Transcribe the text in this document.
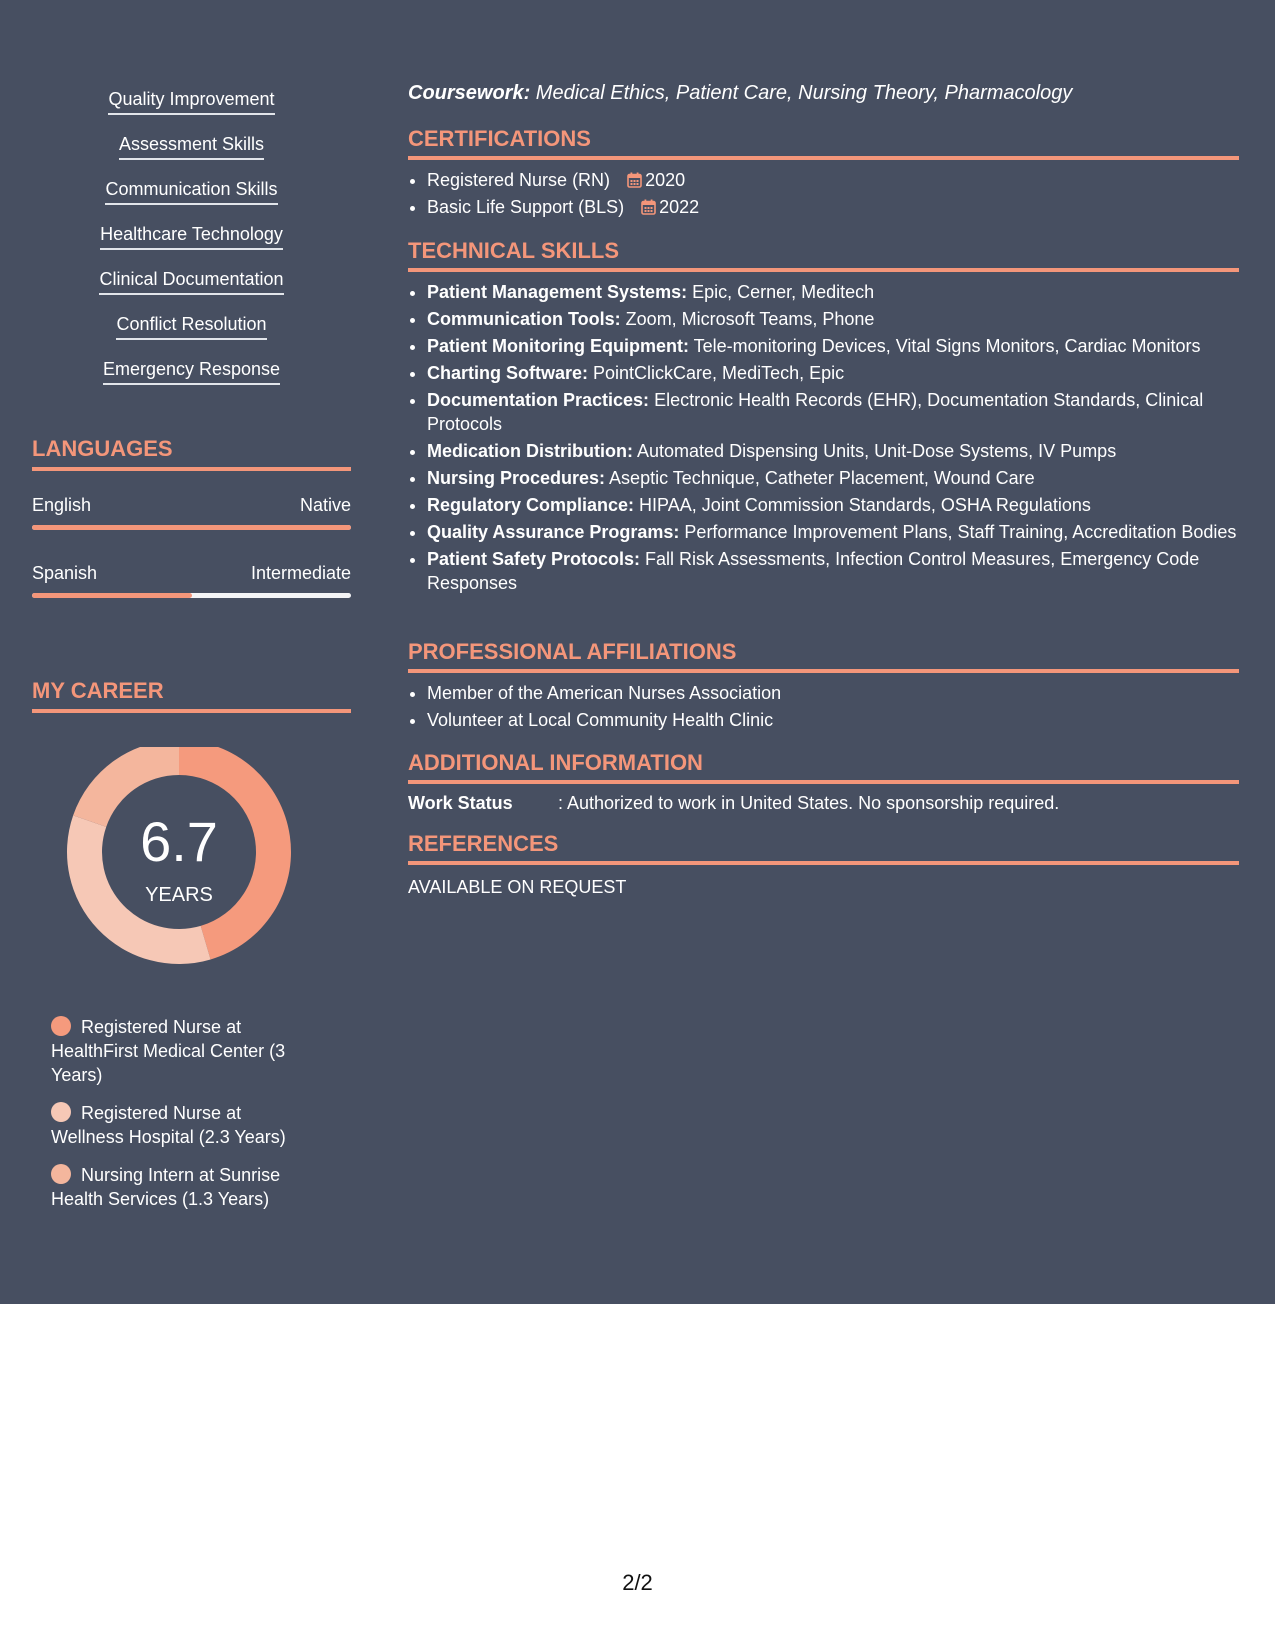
Quality Improvement
Assessment Skills
Communication Skills
Healthcare Technology
Clinical Documentation
Conflict Resolution
Emergency Response
LANGUAGES
English	Native
Spanish	Intermediate
MY CAREER
6.7
YEARS
Registered Nurse at HealthFirst Medical Center (3 Years)
Registered Nurse at Wellness Hospital (2.3 Years)
Nursing Intern at Sunrise Health Services (1.3 Years)
Coursework: Medical Ethics, Patient Care, Nursing Theory, Pharmacology
CERTIFICATIONS
• Registered Nurse (RN) 2020
• Basic Life Support (BLS) 2022
TECHNICAL SKILLS
• Patient Management Systems: Epic, Cerner, Meditech
• Communication Tools: Zoom, Microsoft Teams, Phone
• Patient Monitoring Equipment: Tele-monitoring Devices, Vital Signs Monitors, Cardiac Monitors
• Charting Software: PointClickCare, MediTech, Epic
• Documentation Practices: Electronic Health Records (EHR), Documentation Standards, Clinical Protocols
• Medication Distribution: Automated Dispensing Units, Unit-Dose Systems, IV Pumps
• Nursing Procedures: Aseptic Technique, Catheter Placement, Wound Care
• Regulatory Compliance: HIPAA, Joint Commission Standards, OSHA Regulations
• Quality Assurance Programs: Performance Improvement Plans, Staff Training, Accreditation Bodies
• Patient Safety Protocols: Fall Risk Assessments, Infection Control Measures, Emergency Code Responses
PROFESSIONAL AFFILIATIONS
• Member of the American Nurses Association
• Volunteer at Local Community Health Clinic
ADDITIONAL INFORMATION
Work Status	: Authorized to work in United States. No sponsorship required.
REFERENCES
AVAILABLE ON REQUEST
2/2
